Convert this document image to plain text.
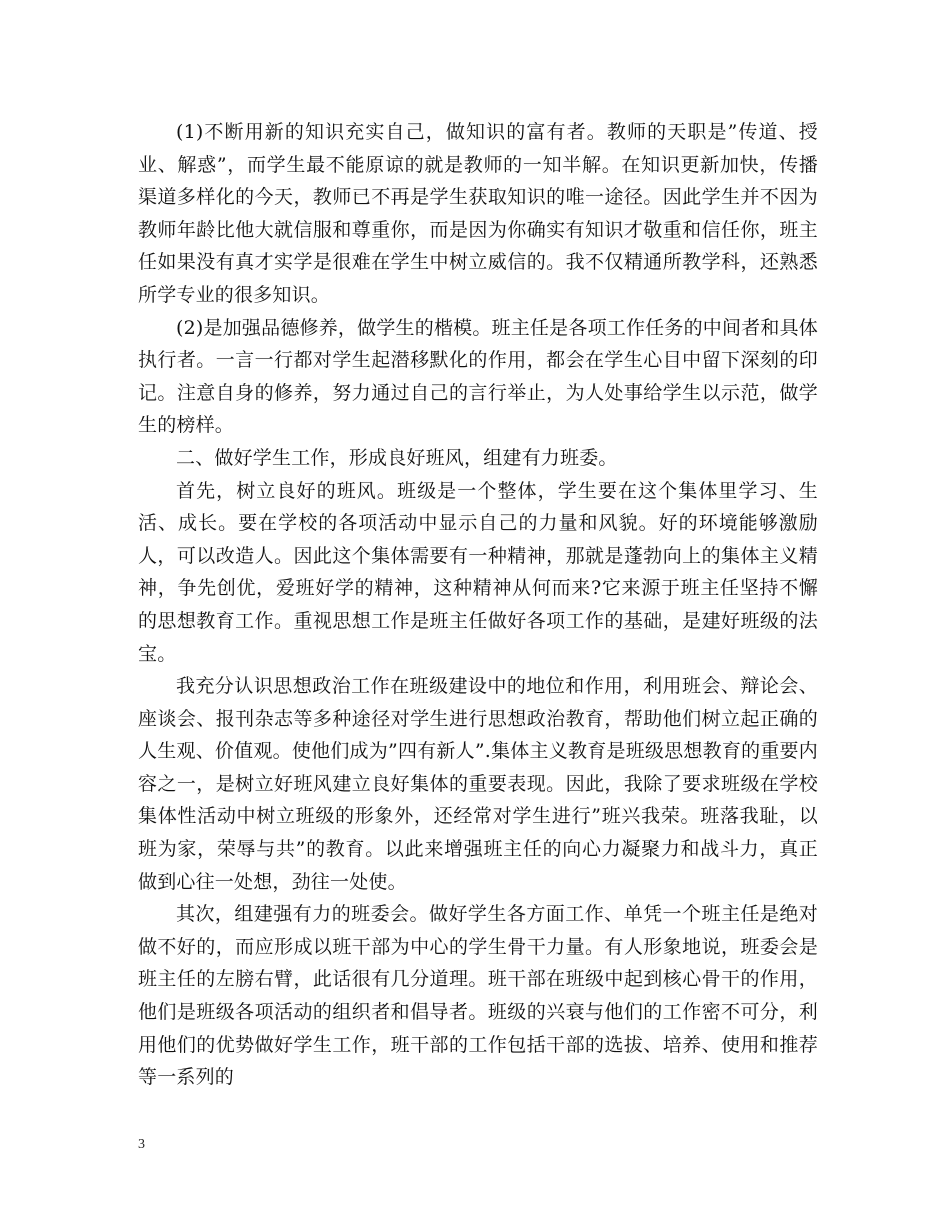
(1)不断用新的知识充实自己，做知识的富有者。教师的天职是”传道、授业、解惑”，而学生最不能原谅的就是教师的一知半解。在知识更新加快，传播渠道多样化的今天，教师已不再是学生获取知识的唯一途径。因此学生并不因为教师年龄比他大就信服和尊重你，而是因为你确实有知识才敬重和信任你，班主任如果没有真才实学是很难在学生中树立威信的。我不仅精通所教学科，还熟悉所学专业的很多知识。

(2)是加强品德修养，做学生的楷模。班主任是各项工作任务的中间者和具体执行者。一言一行都对学生起潜移默化的作用，都会在学生心目中留下深刻的印记。注意自身的修养，努力通过自己的言行举止，为人处事给学生以示范，做学生的榜样。

二、做好学生工作，形成良好班风，组建有力班委。

首先，树立良好的班风。班级是一个整体，学生要在这个集体里学习、生活、成长。要在学校的各项活动中显示自己的力量和风貌。好的环境能够激励人，可以改造人。因此这个集体需要有一种精神，那就是蓬勃向上的集体主义精神，争先创优，爱班好学的精神，这种精神从何而来?它来源于班主任坚持不懈的思想教育工作。重视思想工作是班主任做好各项工作的基础，是建好班级的法宝。

我充分认识思想政治工作在班级建设中的地位和作用，利用班会、辩论会、座谈会、报刊杂志等多种途径对学生进行思想政治教育，帮助他们树立起正确的人生观、价值观。使他们成为”四有新人”.集体主义教育是班级思想教育的重要内容之一，是树立好班风建立良好集体的重要表现。因此，我除了要求班级在学校集体性活动中树立班级的形象外，还经常对学生进行”班兴我荣。班落我耻，以班为家，荣辱与共”的教育。以此来增强班主任的向心力凝聚力和战斗力，真正做到心往一处想，劲往一处使。

其次，组建强有力的班委会。做好学生各方面工作、单凭一个班主任是绝对做不好的，而应形成以班干部为中心的学生骨干力量。有人形象地说，班委会是班主任的左膀右臂，此话很有几分道理。班干部在班级中起到核心骨干的作用，他们是班级各项活动的组织者和倡导者。班级的兴衰与他们的工作密不可分，利用他们的优势做好学生工作，班干部的工作包括干部的选拔、培养、使用和推荐等一系列的

3
